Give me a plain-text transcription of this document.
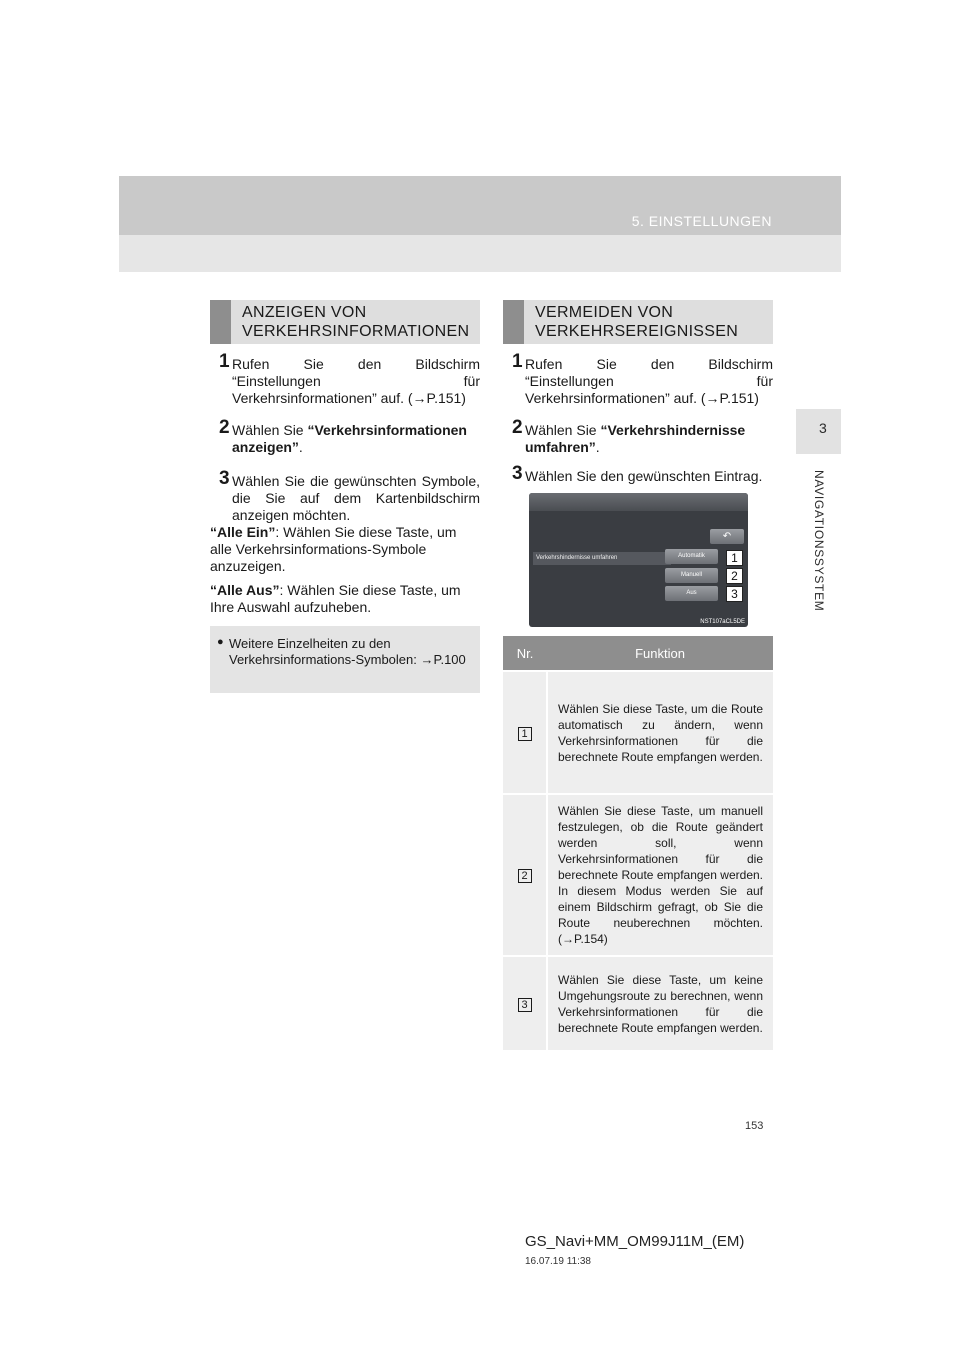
5. EINSTELLUNGEN
3
NAVIGATIONSSYSTEM
ANZEIGEN VON
VERKEHRSINFORMATIONEN
1 Rufen Sie den Bildschirm “Einstellungen für Verkehrsinformationen” auf. (→P.151)
2 Wählen Sie “Verkehrsinformationen anzeigen”.
3 Wählen Sie die gewünschten Symbole, die Sie auf dem Kartenbildschirm anzeigen möchten.
“Alle Ein”: Wählen Sie diese Taste, um alle Verkehrsinformations-Symbole anzuzeigen.
“Alle Aus”: Wählen Sie diese Taste, um Ihre Auswahl aufzuheben.
● Weitere Einzelheiten zu den Verkehrsinformations-Symbolen: →P.100
VERMEIDEN VON
VERKEHRSEREIGNISSEN
1 Rufen Sie den Bildschirm “Einstellungen für Verkehrsinformationen” auf. (→P.151)
2 Wählen Sie “Verkehrshindernisse umfahren”.
3 Wählen Sie den gewünschten Eintrag.
↶
Verkehrshindernisse umfahren	Automatik
Manuell
Aus
1
2
3
NST107aCL5DE
Nr.	Funktion
1	Wählen Sie diese Taste, um die Route automatisch zu ändern, wenn Verkehrsinformationen für die berechnete Route empfangen werden.
2	Wählen Sie diese Taste, um manuell festzulegen, ob die Route geändert werden soll, wenn Verkehrsinformationen für die berechnete Route empfangen werden. In diesem Modus werden Sie auf einem Bildschirm gefragt, ob Sie die Route neuberechnen möchten. (→P.154)
3	Wählen Sie diese Taste, um keine Umgehungsroute zu berechnen, wenn Verkehrsinformationen für die berechnete Route empfangen werden.
153
GS_Navi+MM_OM99J11M_(EM)
16.07.19 11:38
